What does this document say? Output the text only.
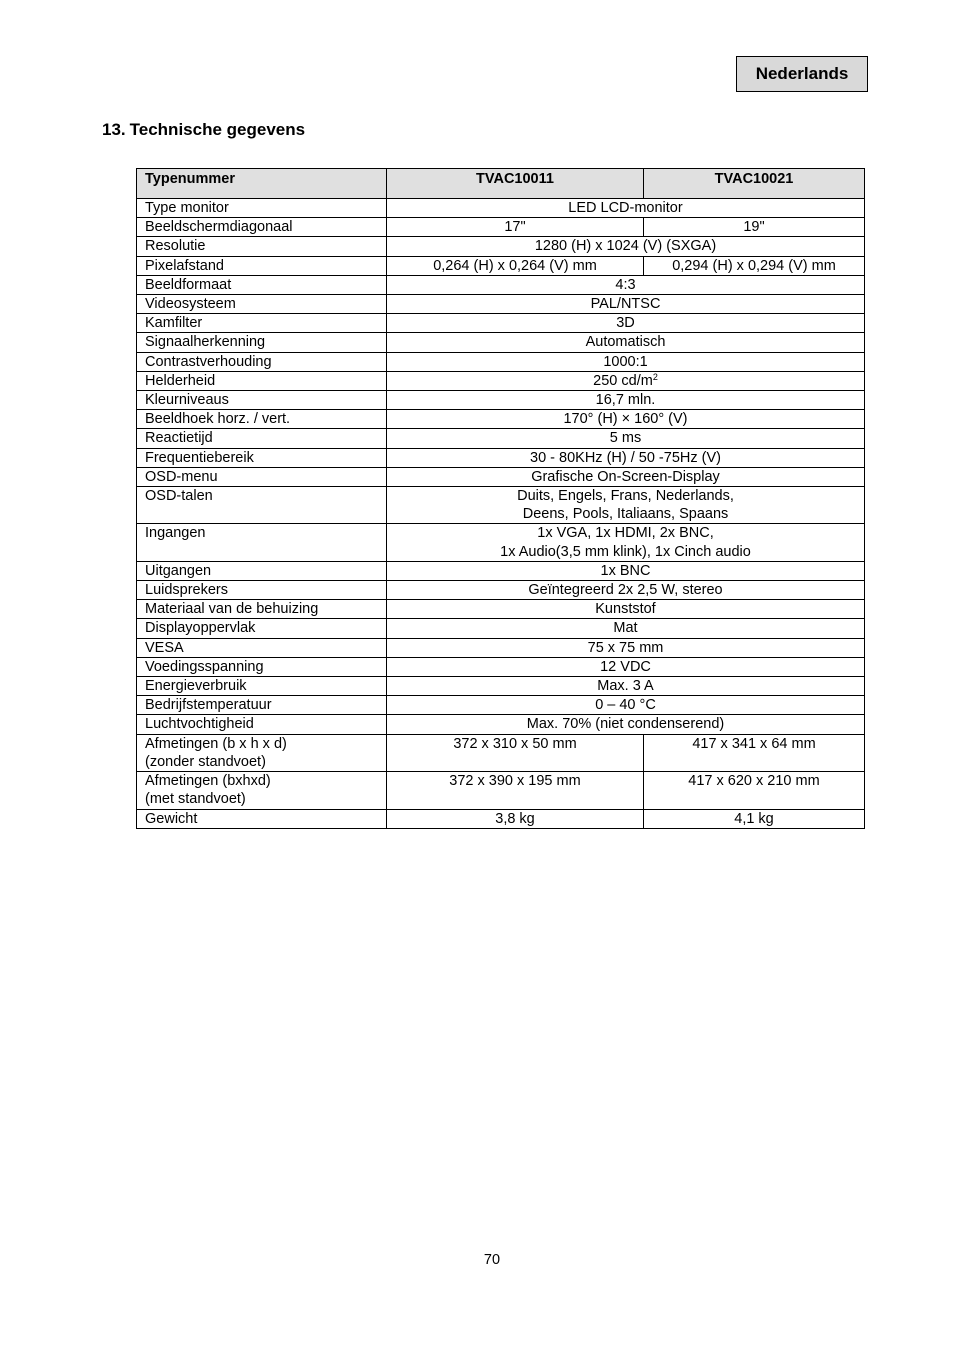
Nederlands
13. Technische gegevens
Typenummer	TVAC10011	TVAC10021
Type monitor	LED LCD-monitor	
Beeldschermdiagonaal	17"	19"
Resolutie	1280 (H) x 1024 (V) (SXGA)	
Pixelafstand	0,264 (H) x 0,264 (V) mm	0,294 (H) x 0,294 (V) mm
Beeldformaat	4:3	
Videosysteem	PAL/NTSC	
Kamfilter	3D	
Signaalherkenning	Automatisch	
Contrastverhouding	1000:1	
Helderheid	250 $cd/m^2$
Kleurniveaus	16,7 mln.	
Beeldhoek horz. / vert.	170° (H) × 160° (V)	
Reactietijd	5 ms	
Frequentiebereik	30 - 80KHz (H) / 50 -75Hz (V)	
OSD-menu	Grafische On-Screen-Display	
OSD-talen	Duits, Engels, Frans, Nederlands,
Deens, Pools, Italiaans, Spaans	
Ingangen	1x VGA, 1x HDMI, 2x BNC,
1x Audio(3,5 mm klink), 1x Cinch audio	
Uitgangen	1x BNC	
Luidsprekers	Geïntegreerd 2x 2,5 W, stereo	
Materiaal van de behuizing	Kunststof	
Displayoppervlak	Mat	
VESA	75 x 75 mm	
Voedingsspanning	12 VDC	
Energieverbruik	Max. 3 A	
Bedrijfstemperatuur	0 – 40 °C	
Luchtvochtigheid	Max. 70% (niet condenserend)	
Afmetingen (b x h x d)
(zonder standvoet)	372 x 310 x 50 mm	417 x 341 x 64 mm
Afmetingen (bxhxd)
(met standvoet)	372 x 390 x 195 mm	417 x 620 x 210 mm
Gewicht	3,8 kg	4,1 kg
70
